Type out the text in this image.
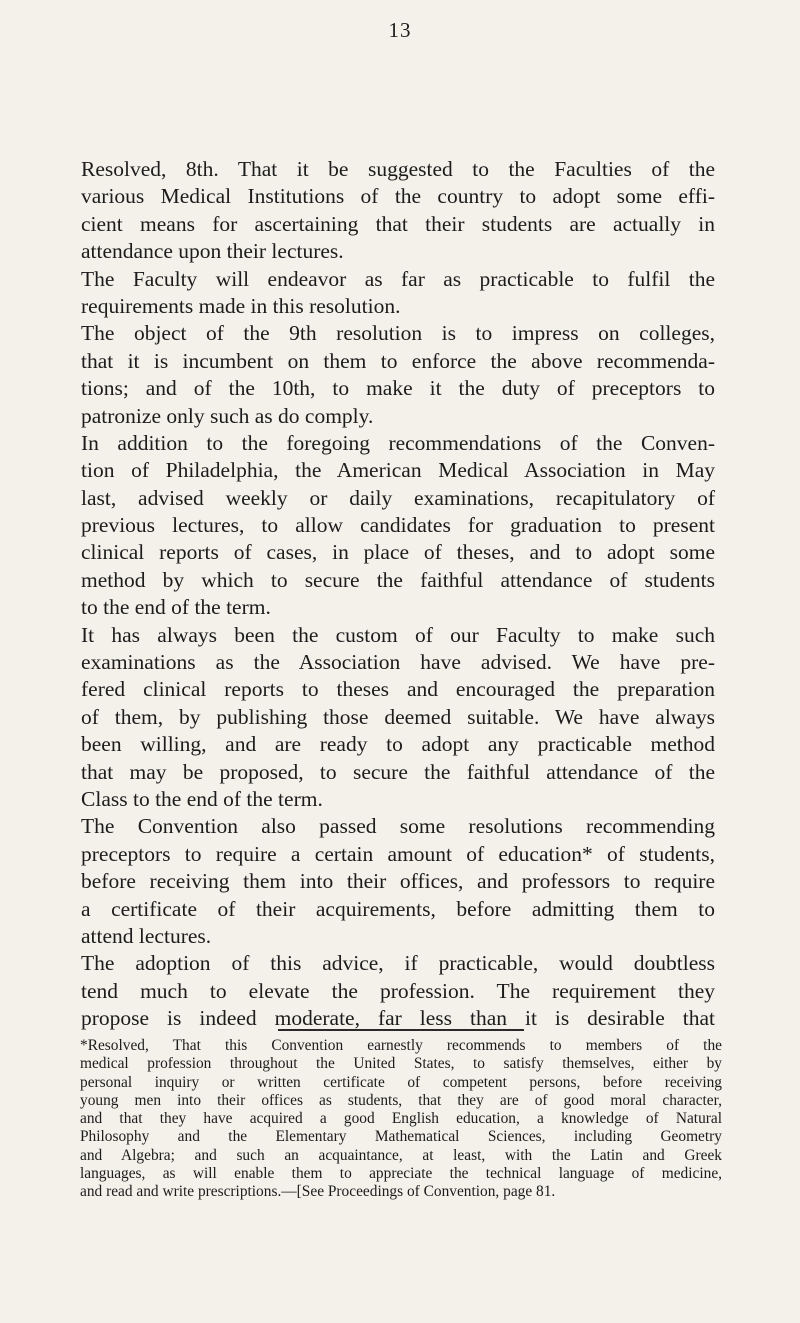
13
Resolved, 8th. That it be suggested to the Faculties of the
various Medical Institutions of the country to adopt some effi-
cient means for ascertaining that their students are actually in
attendance upon their lectures.
The Faculty will endeavor as far as practicable to fulfil the
requirements made in this resolution.
The object of the 9th resolution is to impress on colleges,
that it is incumbent on them to enforce the above recommenda-
tions; and of the 10th, to make it the duty of preceptors to
patronize only such as do comply.
In addition to the foregoing recommendations of the Conven-
tion of Philadelphia, the American Medical Association in May
last, advised weekly or daily examinations, recapitulatory of
previous lectures, to allow candidates for graduation to present
clinical reports of cases, in place of theses, and to adopt some
method by which to secure the faithful attendance of students
to the end of the term.
It has always been the custom of our Faculty to make such
examinations as the Association have advised. We have pre-
fered clinical reports to theses and encouraged the preparation
of them, by publishing those deemed suitable. We have always
been willing, and are ready to adopt any practicable method
that may be proposed, to secure the faithful attendance of the
Class to the end of the term.
The Convention also passed some resolutions recommending
preceptors to require a certain amount of education* of students,
before receiving them into their offices, and professors to require
a certificate of their acquirements, before admitting them to
attend lectures.
The adoption of this advice, if practicable, would doubtless
tend much to elevate the profession. The requirement they
propose is indeed moderate, far less than it is desirable that
*Resolved, That this Convention earnestly recommends to members of the
medical profession throughout the United States, to satisfy themselves, either by
personal inquiry or written certificate of competent persons, before receiving
young men into their offices as students, that they are of good moral character,
and that they have acquired a good English education, a knowledge of Natural
Philosophy and the Elementary Mathematical Sciences, including Geometry
and Algebra; and such an acquaintance, at least, with the Latin and Greek
languages, as will enable them to appreciate the technical language of medicine,
and read and write prescriptions.—[See Proceedings of Convention, page 81.
